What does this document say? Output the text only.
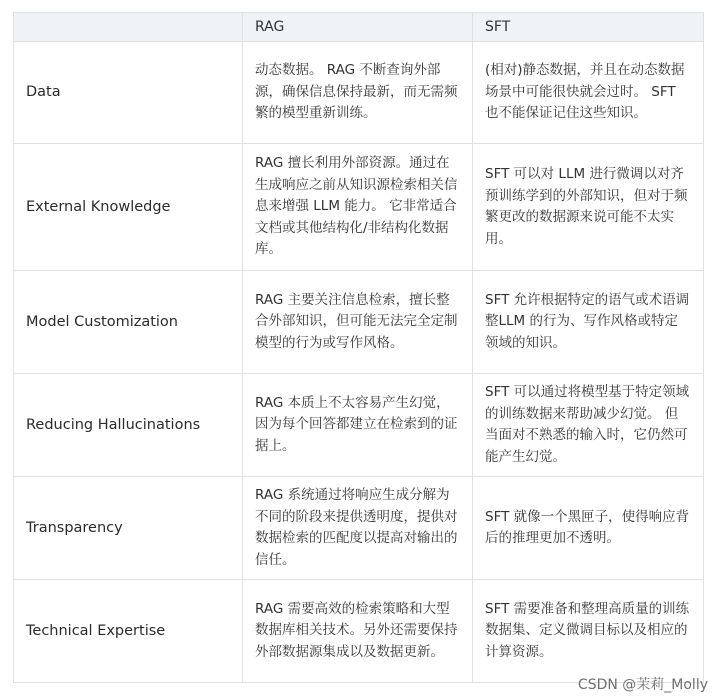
	RAG	SFT
Data	动态数据。 RAG 不断查询外部源，确保信息保持最新，而无需频繁的模型重新训练。	(相对)静态数据，并且在动态数据场景中可能很快就会过时。 SFT 也不能保证记住这些知识。
External Knowledge	RAG 擅长利用外部资源。通过在生成响应之前从知识源检索相关信息来增强 LLM 能力。 它非常适合文档或其他结构化/非结构化数据库。	SFT 可以对 LLM 进行微调以对齐预训练学到的外部知识，但对于频繁更改的数据源来说可能不太实用。
Model Customization	RAG 主要关注信息检索，擅长整合外部知识，但可能无法完全定制模型的行为或写作风格。	SFT 允许根据特定的语气或术语调整LLM 的行为、写作风格或特定领域的知识。
Reducing Hallucinations	RAG 本质上不太容易产生幻觉，因为每个回答都建立在检索到的证据上。	SFT 可以通过将模型基于特定领域的训练数据来帮助减少幻觉。 但当面对不熟悉的输入时，它仍然可能产生幻觉。
Transparency	RAG 系统通过将响应生成分解为不同的阶段来提供透明度，提供对数据检索的匹配度以提高对输出的信任。	SFT 就像一个黑匣子，使得响应背后的推理更加不透明。
Technical Expertise	RAG 需要高效的检索策略和大型数据库相关技术。另外还需要保持外部数据源集成以及数据更新。	SFT 需要准备和整理高质量的训练数据集、定义微调目标以及相应的计算资源。
CSDN @茉莉_Molly
